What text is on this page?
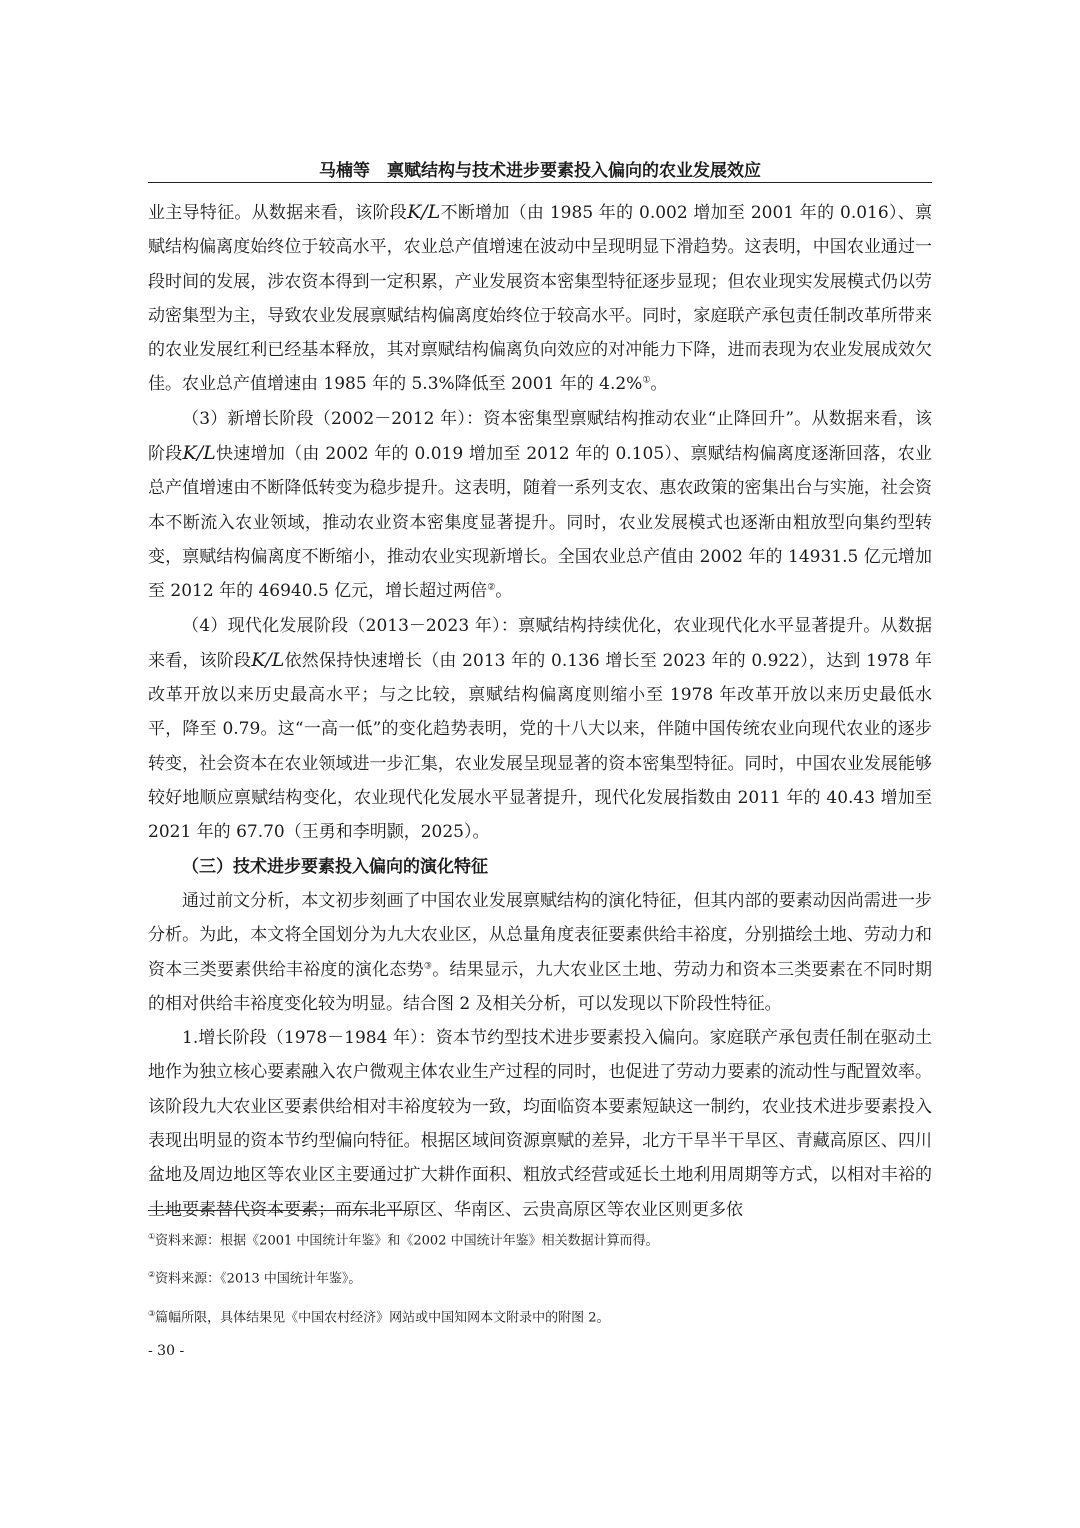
马楠等　禀赋结构与技术进步要素投入偏向的农业发展效应

业主导特征。从数据来看，该阶段K/L不断增加（由 1985 年的 0.002 增加至 2001 年的 0.016）、禀赋结构偏离度始终位于较高水平，农业总产值增速在波动中呈现明显下滑趋势。这表明，中国农业通过一段时间的发展，涉农资本得到一定积累，产业发展资本密集型特征逐步显现；但农业现实发展模式仍以劳动密集型为主，导致农业发展禀赋结构偏离度始终位于较高水平。同时，家庭联产承包责任制改革所带来的农业发展红利已经基本释放，其对禀赋结构偏离负向效应的对冲能力下降，进而表现为农业发展成效欠佳。农业总产值增速由 1985 年的 5.3%降低至 2001 年的 4.2%①。

（3）新增长阶段（2002－2012 年）：资本密集型禀赋结构推动农业“止降回升”。从数据来看，该阶段K/L快速增加（由 2002 年的 0.019 增加至 2012 年的 0.105）、禀赋结构偏离度逐渐回落，农业总产值增速由不断降低转变为稳步提升。这表明，随着一系列支农、惠农政策的密集出台与实施，社会资本不断流入农业领域，推动农业资本密集度显著提升。同时，农业发展模式也逐渐由粗放型向集约型转变，禀赋结构偏离度不断缩小，推动农业实现新增长。全国农业总产值由 2002 年的 14931.5 亿元增加至 2012 年的 46940.5 亿元，增长超过两倍②。

（4）现代化发展阶段（2013－2023 年）：禀赋结构持续优化，农业现代化水平显著提升。从数据来看，该阶段K/L依然保持快速增长（由 2013 年的 0.136 增长至 2023 年的 0.922），达到 1978 年改革开放以来历史最高水平；与之比较，禀赋结构偏离度则缩小至 1978 年改革开放以来历史最低水平，降至 0.79。这“一高一低”的变化趋势表明，党的十八大以来，伴随中国传统农业向现代农业的逐步转变，社会资本在农业领域进一步汇集，农业发展呈现显著的资本密集型特征。同时，中国农业发展能够较好地顺应禀赋结构变化，农业现代化发展水平显著提升，现代化发展指数由 2011 年的 40.43 增加至 2021 年的 67.70（王勇和李明颢，2025）。

（三）技术进步要素投入偏向的演化特征

通过前文分析，本文初步刻画了中国农业发展禀赋结构的演化特征，但其内部的要素动因尚需进一步分析。为此，本文将全国划分为九大农业区，从总量角度表征要素供给丰裕度，分别描绘土地、劳动力和资本三类要素供给丰裕度的演化态势③。结果显示，九大农业区土地、劳动力和资本三类要素在不同时期的相对供给丰裕度变化较为明显。结合图 2 及相关分析，可以发现以下阶段性特征。

1.增长阶段（1978－1984 年）：资本节约型技术进步要素投入偏向。家庭联产承包责任制在驱动土地作为独立核心要素融入农户微观主体农业生产过程的同时，也促进了劳动力要素的流动性与配置效率。该阶段九大农业区要素供给相对丰裕度较为一致，均面临资本要素短缺这一制约，农业技术进步要素投入表现出明显的资本节约型偏向特征。根据区域间资源禀赋的差异，北方干旱半干旱区、青藏高原区、四川盆地及周边地区等农业区主要通过扩大耕作面积、粗放式经营或延长土地利用周期等方式，以相对丰裕的土地要素替代资本要素；而东北平原区、华南区、云贵高原区等农业区则更多依

①资料来源：根据《2001 中国统计年鉴》和《2002 中国统计年鉴》相关数据计算而得。

②资料来源：《2013 中国统计年鉴》。

③篇幅所限，具体结果见《中国农村经济》网站或中国知网本文附录中的附图 2。

- 30 -
